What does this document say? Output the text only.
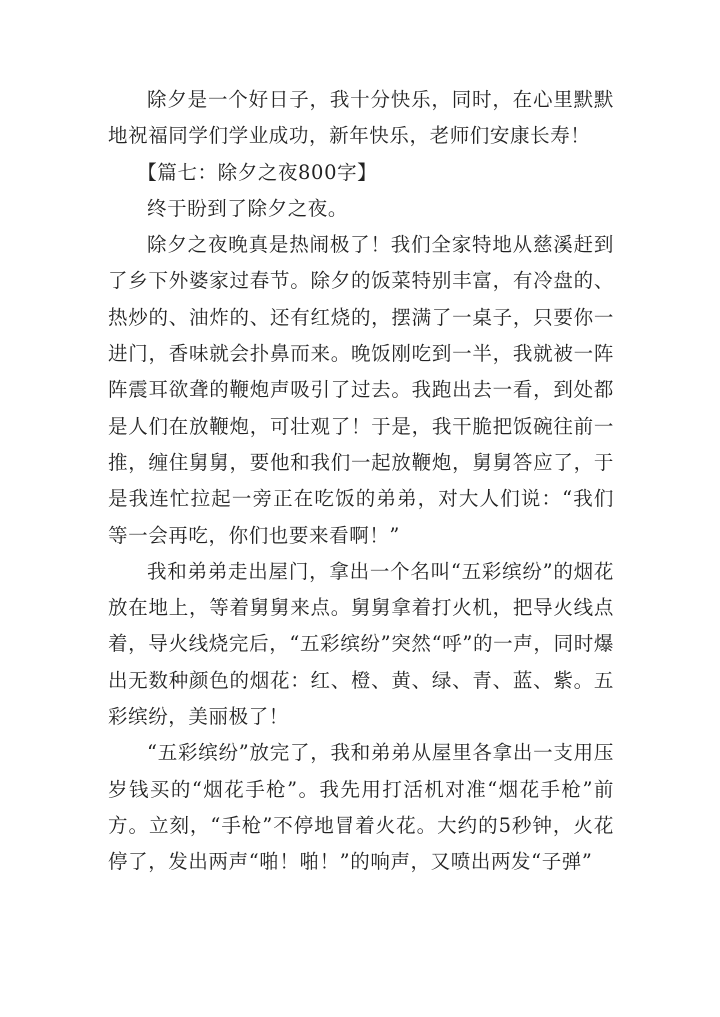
除夕是一个好日子，我十分快乐，同时，在心里默默地祝福同学们学业成功，新年快乐，老师们安康长寿！

【篇七：除夕之夜800字】

终于盼到了除夕之夜。

除夕之夜晚真是热闹极了！我们全家特地从慈溪赶到了乡下外婆家过春节。除夕的饭菜特别丰富，有冷盘的、热炒的、油炸的、还有红烧的，摆满了一桌子，只要你一进门，香味就会扑鼻而来。晚饭刚吃到一半，我就被一阵阵震耳欲聋的鞭炮声吸引了过去。我跑出去一看，到处都是人们在放鞭炮，可壮观了！于是，我干脆把饭碗往前一推，缠住舅舅，要他和我们一起放鞭炮，舅舅答应了，于是我连忙拉起一旁正在吃饭的弟弟，对大人们说：“我们等一会再吃，你们也要来看啊！”

我和弟弟走出屋门，拿出一个名叫“五彩缤纷”的烟花放在地上，等着舅舅来点。舅舅拿着打火机，把导火线点着，导火线烧完后，“五彩缤纷”突然“呼”的一声，同时爆出无数种颜色的烟花：红、橙、黄、绿、青、蓝、紫。五彩缤纷，美丽极了！

“五彩缤纷”放完了，我和弟弟从屋里各拿出一支用压岁钱买的“烟花手枪”。我先用打活机对准“烟花手枪”前方。立刻，“手枪”不停地冒着火花。大约的5秒钟，火花停了，发出两声“啪！啪！”的响声，又喷出两发“子弹”
